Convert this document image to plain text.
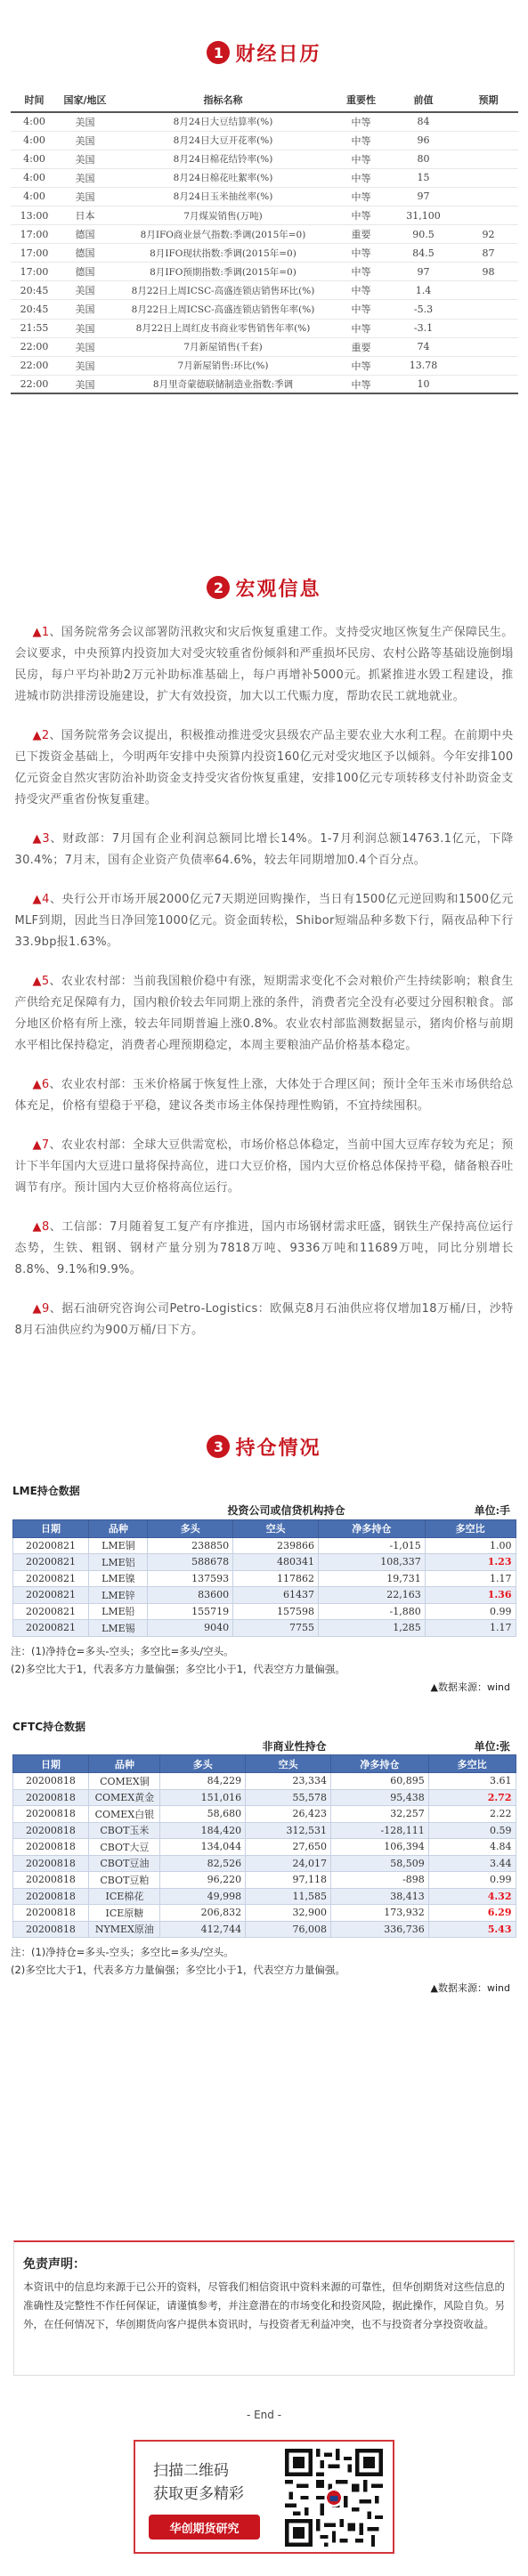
1 财经日历
时间	国家/地区	指标名称	重要性	前值	预期
4:00	美国	8月24日大豆结算率(%)	中等	84	
4:00	美国	8月24日大豆开花率(%)	中等	96	
4:00	美国	8月24日棉花结铃率(%)	中等	80	
4:00	美国	8月24日棉花吐絮率(%)	中等	15	
4:00	美国	8月24日玉米抽丝率(%)	中等	97	
13:00	日本	7月煤炭销售(万吨)	中等	31,100	
17:00	德国	8月IFO商业景气指数:季调(2015年=0)	重要	90.5	92
17:00	德国	8月IFO现状指数:季调(2015年=0)	中等	84.5	87
17:00	德国	8月IFO预期指数:季调(2015年=0)	中等	97	98
20:45	美国	8月22日上周ICSC-高盛连锁店销售环比(%)	中等	1.4	
20:45	美国	8月22日上周ICSC-高盛连锁店销售年率(%)	中等	-5.3	
21:55	美国	8月22日上周红皮书商业零售销售年率(%)	中等	-3.1	
22:00	美国	7月新屋销售(千套)	重要	74	
22:00	美国	7月新屋销售:环比(%)	中等	13.78	
22:00	美国	8月里奇蒙德联储制造业指数:季调	中等	10	
2 宏观信息

▲1、国务院常务会议部署防汛救灾和灾后恢复重建工作。支持受灾地区恢复生产保障民生。会议要求，中央预算内投资加大对受灾较重省份倾斜和严重损坏民房、农村公路等基础设施倒塌民房，每户平均补助2万元补助标准基础上，每户再增补5000元。抓紧推进水毁工程建设，推进城市防洪排涝设施建设，扩大有效投资，加大以工代赈力度，帮助农民工就地就业。

▲2、国务院常务会议提出，积极推动推进受灾县级农产品主要农业大水利工程。在前期中央已下拨资金基础上，今明两年安排中央预算内投资160亿元对受灾地区予以倾斜。今年安排100亿元资金自然灾害防治补助资金支持受灾省份恢复重建，安排100亿元专项转移支付补助资金支持受灾严重省份恢复重建。

▲3、财政部：7月国有企业利润总额同比增长14%。1-7月利润总额14763.1亿元，下降30.4%；7月末，国有企业资产负债率64.6%，较去年同期增加0.4个百分点。

▲4、央行公开市场开展2000亿元7天期逆回购操作，当日有1500亿元逆回购和1500亿元MLF到期，因此当日净回笼1000亿元。资金面转松，Shibor短端品种多数下行，隔夜品种下行33.9bp报1.63%。

▲5、农业农村部：当前我国粮价稳中有涨，短期需求变化不会对粮价产生持续影响；粮食生产供给充足保障有力，国内粮价较去年同期上涨的条件，消费者完全没有必要过分囤积粮食。部分地区价格有所上涨，较去年同期普遍上涨0.8%。农业农村部监测数据显示，猪肉价格与前期水平相比保持稳定，消费者心理预期稳定，本周主要粮油产品价格基本稳定。

▲6、农业农村部：玉米价格属于恢复性上涨，大体处于合理区间；预计全年玉米市场供给总体充足，价格有望稳于平稳，建议各类市场主体保持理性购销，不宜持续囤积。

▲7、农业农村部：全球大豆供需宽松，市场价格总体稳定，当前中国大豆库存较为充足；预计下半年国内大豆进口量将保持高位，进口大豆价格，国内大豆价格总体保持平稳，储备粮吞吐调节有序。预计国内大豆价格将高位运行。

▲8、工信部：7月随着复工复产有序推进，国内市场钢材需求旺盛，钢铁生产保持高位运行态势，生铁、粗钢、钢材产量分别为7818万吨、9336万吨和11689万吨，同比分别增长8.8%、9.1%和9.9%。

▲9、据石油研究咨询公司Petro-Logistics：欧佩克8月石油供应将仅增加18万桶/日，沙特8月石油供应约为900万桶/日下方。

3 持仓情况
LME持仓数据
		投资公司或信贷机构持仓			单位:手
日期	品种	多头	空头	净多持仓	多空比
20200821	LME铜	238850	239866	-1,015	1.00
20200821	LME铝	588678	480341	108,337	1.23
20200821	LME镍	137593	117862	19,731	1.17
20200821	LME锌	83600	61437	22,163	1.36
20200821	LME铅	155719	157598	-1,880	0.99
20200821	LME锡	9040	7755	1,285	1.17
注：(1)净持仓=多头-空头；多空比=多头/空头。
(2)多空比大于1，代表多方力量偏强；多空比小于1，代表空方力量偏强。
▲数据来源：wind
CFTC持仓数据
		非商业性持仓			单位:张
日期	品种	多头	空头	净多持仓	多空比
20200818	COMEX铜	84,229	23,334	60,895	3.61
20200818	COMEX黄金	151,016	55,578	95,438	2.72
20200818	COMEX白银	58,680	26,423	32,257	2.22
20200818	CBOT玉米	184,420	312,531	-128,111	0.59
20200818	CBOT大豆	134,044	27,650	106,394	4.84
20200818	CBOT豆油	82,526	24,017	58,509	3.44
20200818	CBOT豆粕	96,220	97,118	-898	0.99
20200818	ICE棉花	49,998	11,585	38,413	4.32
20200818	ICE原糖	206,832	32,900	173,932	6.29
20200818	NYMEX原油	412,744	76,008	336,736	5.43
注：(1)净持仓=多头-空头；多空比=多头/空头。
(2)多空比大于1，代表多方力量偏强；多空比小于1，代表空方力量偏强。
▲数据来源：wind
免责声明：
本资讯中的信息均来源于已公开的资料，尽管我们相信资讯中资料来源的可靠性，但华创期货对这些信息的准确性及完整性不作任何保证，请谨慎参考，并注意潜在的市场变化和投资风险，据此操作，风险自负。另外，在任何情况下，华创期货向客户提供本资讯时，与投资者无利益冲突，也不与投资者分享投资收益。
- End -
扫描二维码
获取更多精彩
华创期货研究
